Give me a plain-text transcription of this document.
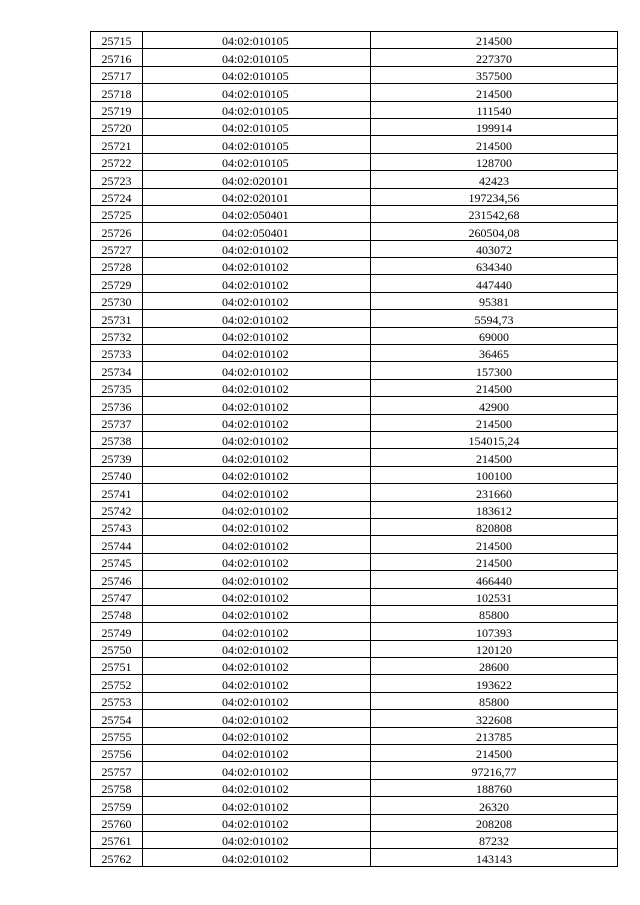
25715	04:02:010105	214500
25716	04:02:010105	227370
25717	04:02:010105	357500
25718	04:02:010105	214500
25719	04:02:010105	111540
25720	04:02:010105	199914
25721	04:02:010105	214500
25722	04:02:010105	128700
25723	04:02:020101	42423
25724	04:02:020101	197234,56
25725	04:02:050401	231542,68
25726	04:02:050401	260504,08
25727	04:02:010102	403072
25728	04:02:010102	634340
25729	04:02:010102	447440
25730	04:02:010102	95381
25731	04:02:010102	5594,73
25732	04:02:010102	69000
25733	04:02:010102	36465
25734	04:02:010102	157300
25735	04:02:010102	214500
25736	04:02:010102	42900
25737	04:02:010102	214500
25738	04:02:010102	154015,24
25739	04:02:010102	214500
25740	04:02:010102	100100
25741	04:02:010102	231660
25742	04:02:010102	183612
25743	04:02:010102	820808
25744	04:02:010102	214500
25745	04:02:010102	214500
25746	04:02:010102	466440
25747	04:02:010102	102531
25748	04:02:010102	85800
25749	04:02:010102	107393
25750	04:02:010102	120120
25751	04:02:010102	28600
25752	04:02:010102	193622
25753	04:02:010102	85800
25754	04:02:010102	322608
25755	04:02:010102	213785
25756	04:02:010102	214500
25757	04:02:010102	97216,77
25758	04:02:010102	188760
25759	04:02:010102	26320
25760	04:02:010102	208208
25761	04:02:010102	87232
25762	04:02:010102	143143
